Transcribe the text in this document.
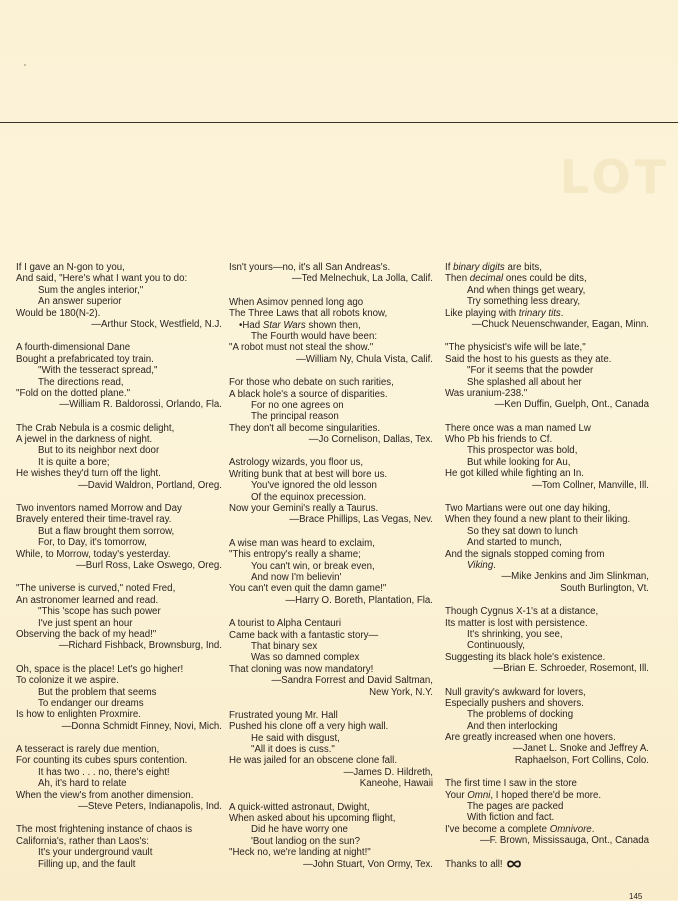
LOT
If I gave an N-gon to you,
And said, "Here's what I want you to do:
Sum the angles interior,"
An answer superior
Would be 180(N-2).
—Arthur Stock, Westfield, N.J.
A fourth-dimensional Dane
Bought a prefabricated toy train.
"With the tesseract spread,"
The directions read,
"Fold on the dotted plane."
—William R. Baldorossi, Orlando, Fla.
The Crab Nebula is a cosmic delight,
A jewel in the darkness of night.
But to its neighbor next door
It is quite a bore;
He wishes they'd turn off the light.
—David Waldron, Portland, Oreg.
Two inventors named Morrow and Day
Bravely entered their time-travel ray.
But a flaw brought them sorrow,
For, to Day, it's tomorrow,
While, to Morrow, today's yesterday.
—Burl Ross, Lake Oswego, Oreg.
"The universe is curved," noted Fred,
An astronomer learned and read.
"This 'scope has such power
I've just spent an hour
Observing the back of my head!"
—Richard Fishback, Brownsburg, Ind.
Oh, space is the place! Let's go higher!
To colonize it we aspire.
But the problem that seems
To endanger our dreams
Is how to enlighten Proxmire.
—Donna Schmidt Finney, Novi, Mich.
A tesseract is rarely due mention,
For counting its cubes spurs contention.
It has two . . . no, there's eight!
Ah, it's hard to relate
When the view's from another dimension.
—Steve Peters, Indianapolis, Ind.
The most frightening instance of chaos is
California's, rather than Laos's:
It's your underground vault
Filling up, and the fault
Isn't yours—no, it's all San Andreas's.
—Ted Melnechuk, La Jolla, Calif.
When Asimov penned long ago
The Three Laws that all robots know,
•Had Star Wars shown then,
The Fourth would have been:
"A robot must not steal the show."
—William Ny, Chula Vista, Calif.
For those who debate on such rarities,
A black hole's a source of disparities.
For no one agrees on
The principal reason
They don't all become singularities.
—Jo Cornelison, Dallas, Tex.
Astrology wizards, you floor us,
Writing bunk that at best will bore us.
You've ignored the old lesson
Of the equinox precession.
Now your Gemini's really a Taurus.
—Brace Phillips, Las Vegas, Nev.
A wise man was heard to exclaim,
"This entropy's really a shame;
You can't win, or break even,
And now I'm believin'
You can't even quit the damn game!"
—Harry O. Boreth, Plantation, Fla.
A tourist to Alpha Centauri
Came back with a fantastic story—
That binary sex
Was so damned complex
That cloning was now mandatory!
—Sandra Forrest and David Saltman,
New York, N.Y.
Frustrated young Mr. Hall
Pushed his clone off a very high wall.
He said with disgust,
"All it does is cuss."
He was jailed for an obscene clone fall.
—James D. Hildreth,
Kaneohe, Hawaii
A quick-witted astronaut, Dwight,
When asked about his upcoming flight,
Did he have worry one
'Bout landiog on the sun?
"Heck no, we're landing at night!"
—John Stuart, Von Ormy, Tex.
If binary digits are bits,
Then decimal ones could be dits,
And when things get weary,
Try something less dreary,
Like playing with trinary tits.
—Chuck Neuenschwander, Eagan, Minn.
"The physicist's wife will be late,"
Said the host to his guests as they ate.
"For it seems that the powder
She splashed all about her
Was uranium-238."
—Ken Duffin, Guelph, Ont., Canada
There once was a man named Lw
Who Pb his friends to Cf.
This prospector was bold,
But while looking for Au,
He got killed while fighting an In.
—Tom Collner, Manville, Ill.
Two Martians were out one day hiking,
When they found a new plant to their liking.
So they sat down to lunch
And started to munch,
And the signals stopped coming from
Viking.
—Mike Jenkins and Jim Slinkman,
South Burlington, Vt.
Though Cygnus X-1's at a distance,
Its matter is lost with persistence.
It's shrinking, you see,
Continuously,
Suggesting its black hole's existence.
—Brian E. Schroeder, Rosemont, Ill.
Null gravity's awkward for lovers,
Especially pushers and shovers.
The problems of docking
And then interlocking
Are greatly increased when one hovers.
—Janet L. Snoke and Jeffrey A.
Raphaelson, Fort Collins, Colo.
The first time I saw in the store
Your Omni, I hoped there'd be more.
The pages are packed
With fiction and fact.
I've become a complete Omnivore.
—F. Brown, Mississauga, Ont., Canada
Thanks to all!
145
